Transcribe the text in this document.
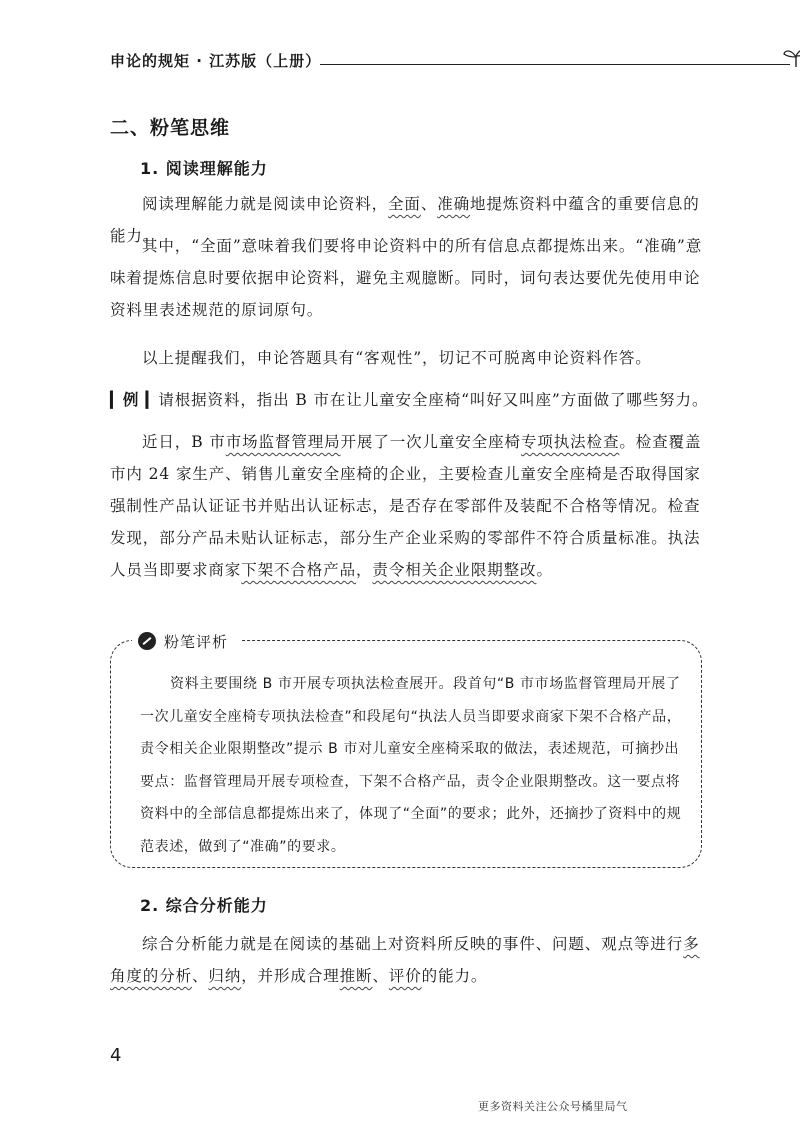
申论的规矩 · 江苏版（上册）
二、粉笔思维
1. 阅读理解能力

阅读理解能力就是阅读申论资料，全面、准确地提炼资料中蕴含的重要信息的能力。

其中，“全面”意味着我们要将申论资料中的所有信息点都提炼出来。“准确”意味着提炼信息时要依据申论资料，避免主观臆断。同时，词句表达要优先使用申论资料里表述规范的原词原句。

以上提醒我们，申论答题具有“客观性”，切记不可脱离申论资料作答。

▎例 ▎请根据资料，指出 B 市在让儿童安全座椅“叫好又叫座”方面做了哪些努力。

近日，B 市市场监督管理局开展了一次儿童安全座椅专项执法检查。检查覆盖市内 24 家生产、销售儿童安全座椅的企业，主要检查儿童安全座椅是否取得国家强制性产品认证证书并贴出认证标志，是否存在零部件及装配不合格等情况。检查发现，部分产品未贴认证标志，部分生产企业采购的零部件不符合质量标准。执法人员当即要求商家下架不合格产品，责令相关企业限期整改。

粉笔评析

资料主要围绕 B 市开展专项执法检查展开。段首句“B 市市场监督管理局开展了一次儿童安全座椅专项执法检查”和段尾句“执法人员当即要求商家下架不合格产品，责令相关企业限期整改”提示 B 市对儿童安全座椅采取的做法，表述规范，可摘抄出要点：监督管理局开展专项检查，下架不合格产品，责令企业限期整改。这一要点将资料中的全部信息都提炼出来了，体现了“全面”的要求；此外，还摘抄了资料中的规范表述，做到了“准确”的要求。

2. 综合分析能力

综合分析能力就是在阅读的基础上对资料所反映的事件、问题、观点等进行多角度的分析、归纳，并形成合理推断、评价的能力。

4
更多资料关注公众号橘里局气
